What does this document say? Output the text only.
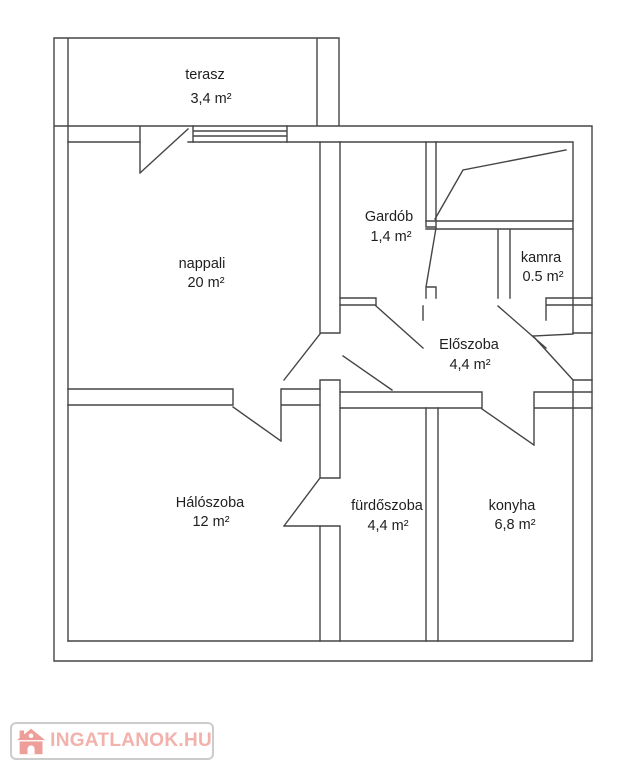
terasz
3,4 m²
nappali
20 m²
Gardób
1,4 m²
kamra
0.5 m²
Előszoba
4,4 m²
Hálószoba
12 m²
fürdőszoba
4,4 m²
konyha
6,8 m²
INGATLANOK.HU
